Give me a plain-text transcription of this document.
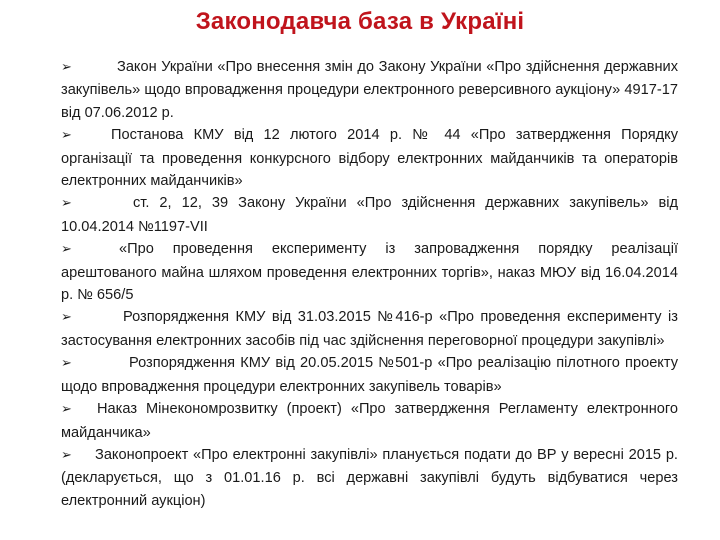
Законодавча база в Україні

➢	Закон України «Про внесення змін до Закону України «Про здійснення державних закупівель» щодо впровадження процедури електронного реверсивного аукціону» 4917-17 від 07.06.2012 р.

➢	Постанова КМУ від 12 лютого 2014 р. № 44 «Про затвердження Порядку організації та проведення конкурсного відбору електронних майданчиків та операторів електронних майданчиків»

➢	ст. 2, 12, 39 Закону України «Про здійснення державних закупівель» від 10.04.2014 №1197-VII

➢	«Про проведення експерименту із запровадження порядку реалізації арештованого майна шляхом проведення електронних торгів», наказ МЮУ від 16.04.2014 р. № 656/5

➢	Розпорядження КМУ від 31.03.2015 №416-р «Про проведення експерименту із застосування електронних засобів під час здійснення переговорної процедури закупівлі»

➢	Розпорядження КМУ від 20.05.2015 №501-р «Про реалізацію пілотного проекту щодо впровадження процедури електронних закупівель товарів»

➢ Наказ Мінекономрозвитку (проект) «Про затвердження Регламенту електронного майданчика»

➢ Законопроект «Про електронні закупівлі» планується подати до ВР у вересні 2015 р. (декларується, що з 01.01.16 р. всі державні закупівлі будуть відбуватися через електронний аукціон)
